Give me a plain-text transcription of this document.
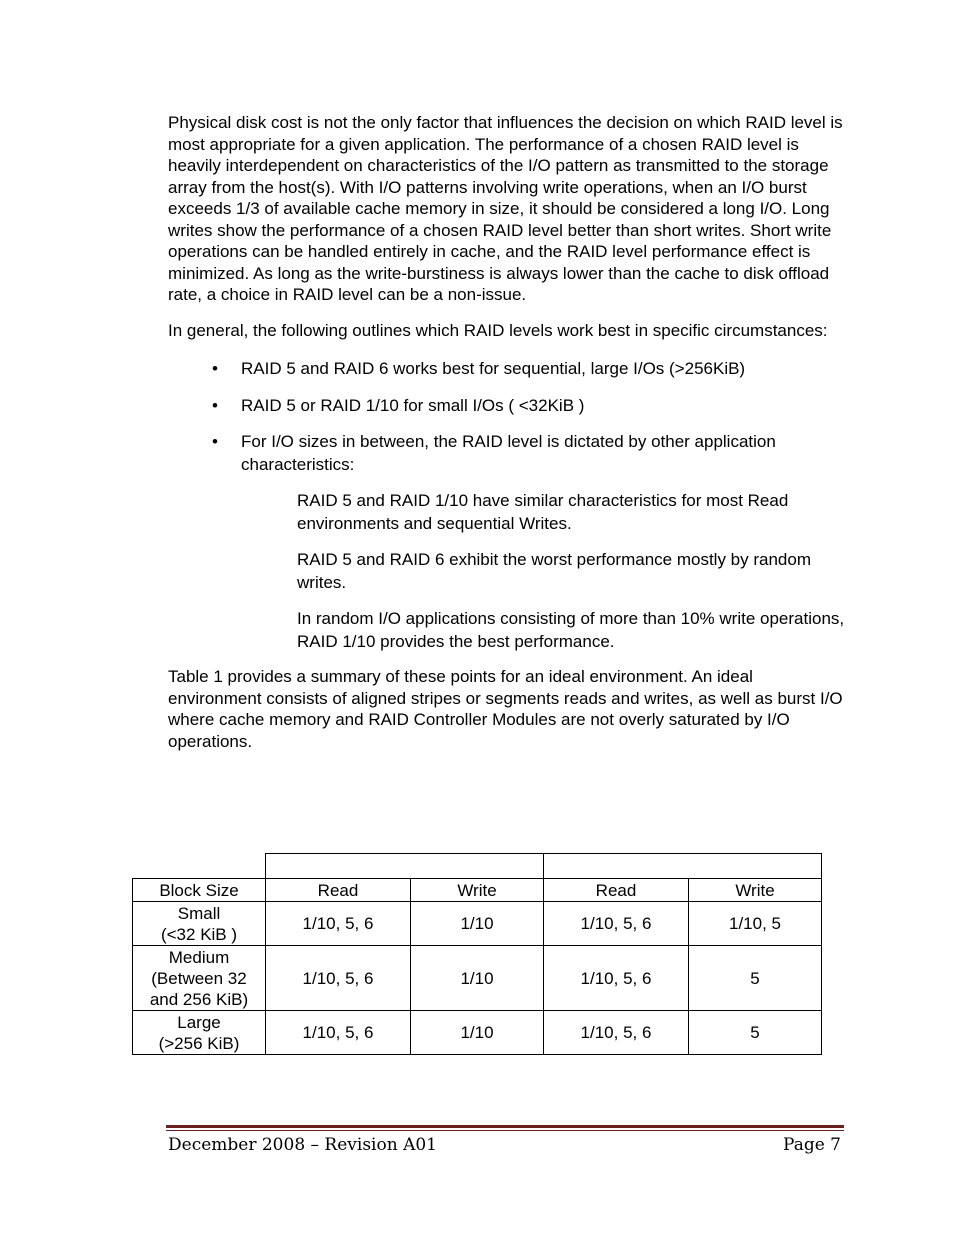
Physical disk cost is not the only factor that influences the decision on which RAID level is most appropriate for a given application. The performance of a chosen RAID level is heavily interdependent on characteristics of the I/O pattern as transmitted to the storage array from the host(s). With I/O patterns involving write operations, when an I/O burst exceeds 1/3 of available cache memory in size, it should be considered a long I/O. Long writes show the performance of a chosen RAID level better than short writes. Short write operations can be handled entirely in cache, and the RAID level performance effect is minimized. As long as the write-burstiness is always lower than the cache to disk offload rate, a choice in RAID level can be a non-issue.

In general, the following outlines which RAID levels work best in specific circumstances:

• RAID 5 and RAID 6 works best for sequential, large I/Os (>256KiB)
• RAID 5 or RAID 1/10 for small I/Os ( <32KiB )
• For I/O sizes in between, the RAID level is dictated by other application characteristics:

RAID 5 and RAID 1/10 have similar characteristics for most Read environments and sequential Writes.

RAID 5 and RAID 6 exhibit the worst performance mostly by random writes.

In random I/O applications consisting of more than 10% write operations, RAID 1/10 provides the best performance.

Table 1 provides a summary of these points for an ideal environment. An ideal environment consists of aligned stripes or segments reads and writes, as well as burst I/O where cache memory and RAID Controller Modules are not overly saturated by I/O operations.

Block Size	Read	Write	Read	Write
Small
(<32 KiB )	1/10, 5, 6	1/10	1/10, 5, 6	1/10, 5
Medium
(Between 32
and 256 KiB)	1/10, 5, 6	1/10	1/10, 5, 6	5
Large
(>256 KiB)	1/10, 5, 6	1/10	1/10, 5, 6	5
December 2008 – Revision A01	Page 7
